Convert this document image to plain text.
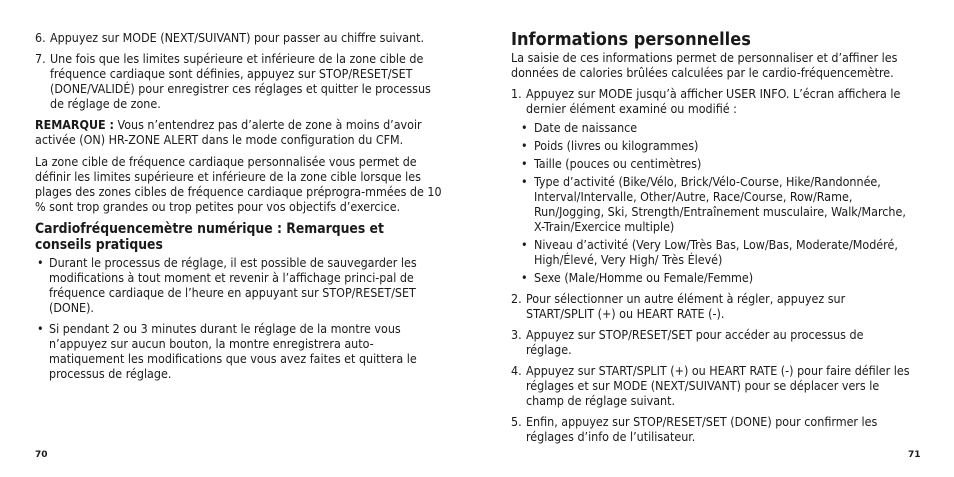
6. Appuyez sur MODE (NEXT/SUIVANT) pour passer au chiffre suivant.
7. Une fois que les limites supérieure et inférieure de la zone cible de fréquence cardiaque sont définies, appuyez sur STOP/RESET/SET (DONE/VALIDÉ) pour enregistrer ces réglages et quitter le processus de réglage de zone.

REMARQUE : Vous n’entendrez pas d’alerte de zone à moins d’avoir activée (ON) HR-ZONE ALERT dans le mode configuration du CFM.

La zone cible de fréquence cardiaque personnalisée vous permet de définir les limites supérieure et inférieure de la zone cible lorsque les plages des zones cibles de fréquence cardiaque préprogra-mmées de 10 % sont trop grandes ou trop petites pour vos objectifs d’exercice.

Cardiofréquencemètre numérique : Remarques et conseils pratiques
• Durant le processus de réglage, il est possible de sauvegarder les modifications à tout moment et revenir à l’affichage princi-pal de fréquence cardiaque de l’heure en appuyant sur STOP/RESET/SET (DONE).
• Si pendant 2 ou 3 minutes durant le réglage de la montre vous n’appuyez sur aucun bouton, la montre enregistrera auto-matiquement les modifications que vous avez faites et quittera le processus de réglage.
Informations personnelles

La saisie de ces informations permet de personnaliser et d’affiner les données de calories brûlées calculées par le cardio-fréquencemètre.

1. Appuyez sur MODE jusqu’à afficher USER INFO. L’écran affichera le dernier élément examiné ou modifié :
• Date de naissance
• Poids (livres ou kilogrammes)
• Taille (pouces ou centimètres)
• Type d’activité (Bike/Vélo, Brick/Vélo-Course, Hike/Randonnée, Interval/Intervalle, Other/Autre, Race/Course, Row/Rame, Run/Jogging, Ski, Strength/Entraînement musculaire, Walk/Marche, X-Train/Exercice multiple)
• Niveau d’activité (Very Low/Très Bas, Low/Bas, Moderate/Modéré, High/Élevé, Very High/ Très Élevé)
• Sexe (Male/Homme ou Female/Femme)
2. Pour sélectionner un autre élément à régler, appuyez sur START/SPLIT (+) ou HEART RATE (-).
3. Appuyez sur STOP/RESET/SET pour accéder au processus de réglage.
4. Appuyez sur START/SPLIT (+) ou HEART RATE (-) pour faire défiler les réglages et sur MODE (NEXT/SUIVANT) pour se déplacer vers le champ de réglage suivant.
5. Enfin, appuyez sur STOP/RESET/SET (DONE) pour confirmer les réglages d’info de l’utilisateur.
70	71
